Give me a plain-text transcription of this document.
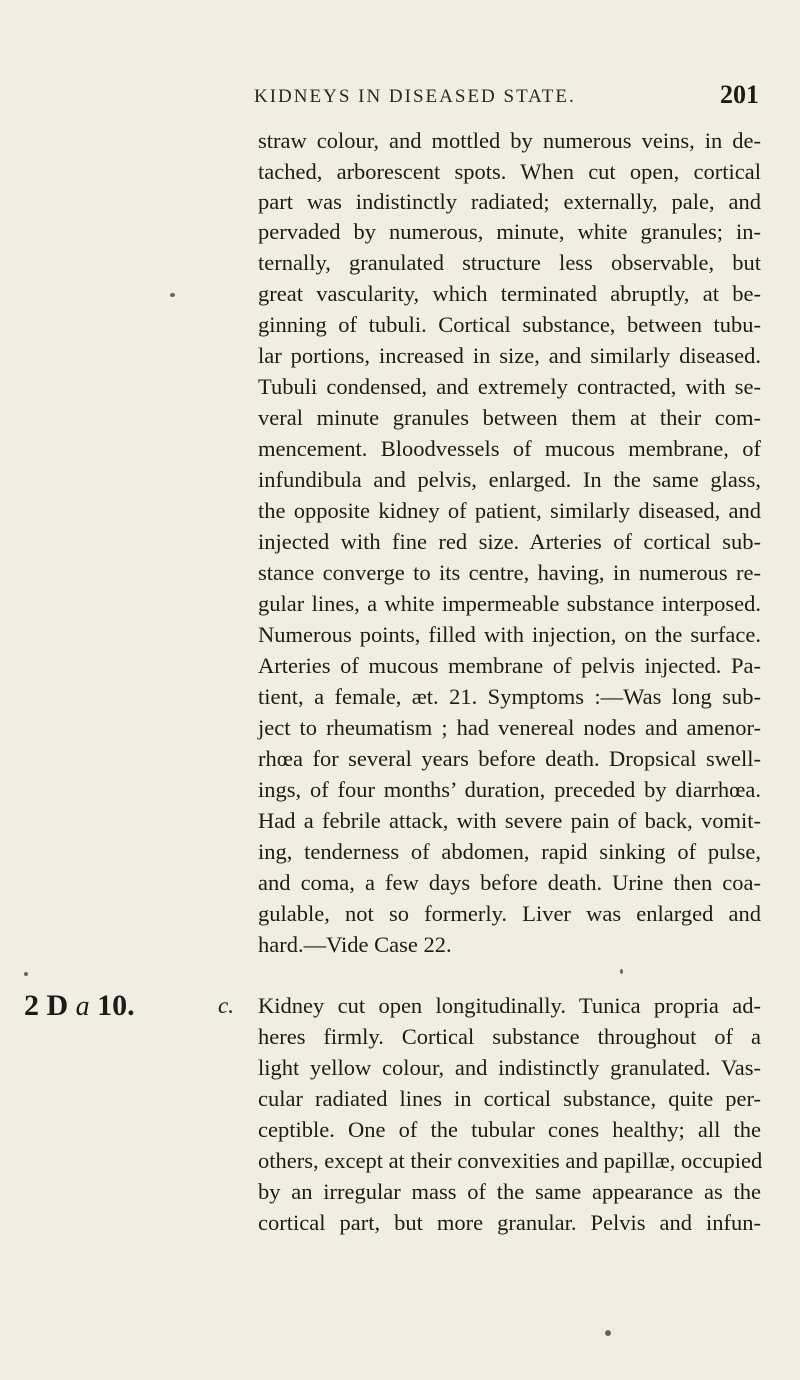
KIDNEYS IN DISEASED STATE.	201
straw colour, and mottled by numerous veins, in de-
tached, arborescent spots. When cut open, cortical
part was indistinctly radiated; externally, pale, and
pervaded by numerous, minute, white granules; in-
ternally, granulated structure less observable, but
great vascularity, which terminated abruptly, at be-
ginning of tubuli. Cortical substance, between tubu-
lar portions, increased in size, and similarly diseased.
Tubuli condensed, and extremely contracted, with se-
veral minute granules between them at their com-
mencement. Bloodvessels of mucous membrane, of
infundibula and pelvis, enlarged. In the same glass,
the opposite kidney of patient, similarly diseased, and
injected with fine red size. Arteries of cortical sub-
stance converge to its centre, having, in numerous re-
gular lines, a white impermeable substance interposed.
Numerous points, filled with injection, on the surface.
Arteries of mucous membrane of pelvis injected. Pa-
tient, a female, æt. 21. Symptoms :—Was long sub-
ject to rheumatism ; had venereal nodes and amenor-
rhœa for several years before death. Dropsical swell-
ings, of four months’ duration, preceded by diarrhœa.
Had a febrile attack, with severe pain of back, vomit-
ing, tenderness of abdomen, rapid sinking of pulse,
and coma, a few days before death. Urine then coa-
gulable, not so formerly. Liver was enlarged and
hard.—Vide Case 22.
2 D a 10.	c. Kidney cut open longitudinally. Tunica propria ad-
heres firmly. Cortical substance throughout of a
light yellow colour, and indistinctly granulated. Vas-
cular radiated lines in cortical substance, quite per-
ceptible. One of the tubular cones healthy; all the
others, except at their convexities and papillæ, occupied
by an irregular mass of the same appearance as the
cortical part, but more granular. Pelvis and infun-
